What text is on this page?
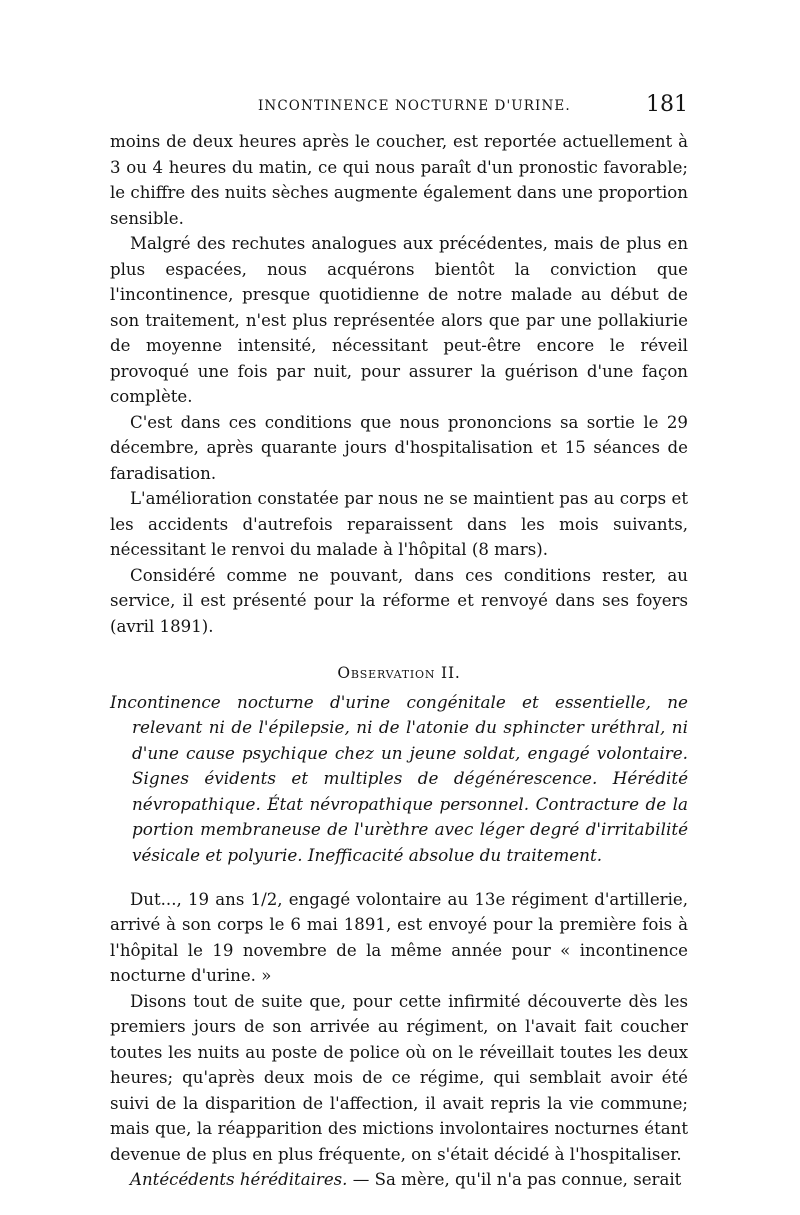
INCONTINENCE NOCTURNE D'URINE.	181

moins de deux heures après le coucher, est reportée actuellement à 3 ou 4 heures du matin, ce qui nous paraît d'un pronostic favorable; le chiffre des nuits sèches augmente également dans une proportion sensible.

Malgré des rechutes analogues aux précédentes, mais de plus en plus espacées, nous acquérons bientôt la conviction que l'incontinence, presque quotidienne de notre malade au début de son traitement, n'est plus représentée alors que par une pollakiurie de moyenne intensité, nécessitant peut-être encore le réveil provoqué une fois par nuit, pour assurer la guérison d'une façon complète.

C'est dans ces conditions que nous prononcions sa sortie le 29 décembre, après quarante jours d'hospitalisation et 15 séances de faradisation.

L'amélioration constatée par nous ne se maintient pas au corps et les accidents d'autrefois reparaissent dans les mois suivants, nécessitant le renvoi du malade à l'hôpital (8 mars).

Considéré comme ne pouvant, dans ces conditions rester, au service, il est présenté pour la réforme et renvoyé dans ses foyers (avril 1891).

Observation II.

Incontinence nocturne d'urine congénitale et essentielle, ne relevant ni de l'épilepsie, ni de l'atonie du sphincter uréthral, ni d'une cause psychique chez un jeune soldat, engagé volontaire. Signes évidents et multiples de dégénérescence. Hérédité névropathique. État névropathique personnel. Contracture de la portion membraneuse de l'urèthre avec léger degré d'irritabilité vésicale et polyurie. Inefficacité absolue du traitement.

Dut..., 19 ans 1/2, engagé volontaire au 13e régiment d'artillerie, arrivé à son corps le 6 mai 1891, est envoyé pour la première fois à l'hôpital le 19 novembre de la même année pour « incontinence nocturne d'urine. »

Disons tout de suite que, pour cette infirmité découverte dès les premiers jours de son arrivée au régiment, on l'avait fait coucher toutes les nuits au poste de police où on le réveillait toutes les deux heures; qu'après deux mois de ce régime, qui semblait avoir été suivi de la disparition de l'affection, il avait repris la vie commune; mais que, la réapparition des mictions involontaires nocturnes étant devenue de plus en plus fréquente, on s'était décidé à l'hospitaliser.

Antécédents héréditaires. — Sa mère, qu'il n'a pas connue, serait
